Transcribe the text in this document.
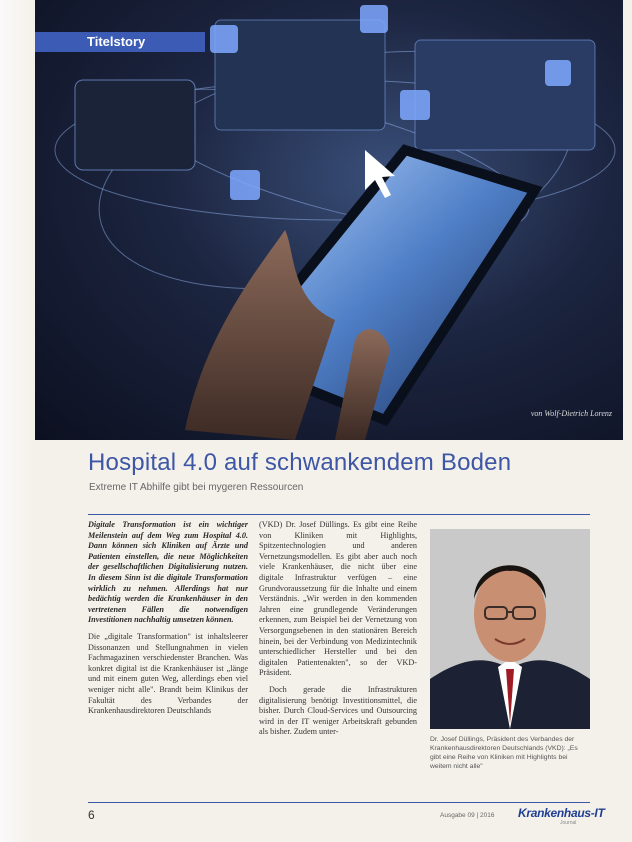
Titelstory
von Wolf-Dietrich Lorenz
Hospital 4.0 auf schwankendem Boden

Extreme IT Abhilfe gibt bei mygeren Ressourcen

Digitale Transformation ist ein wichtiger Meilenstein auf dem Weg zum Hospital 4.0. Dann können sich Kliniken auf Ärzte und Patienten einstellen, die neue Möglichkeiten der gesellschaftlichen Digitalisierung nutzen. In diesem Sinn ist die digitale Transformation wirklich zu nehmen. Allerdings hat nur bedächtig werden die Krankenhäuser in den vertretenen Fällen die notwendigen Investitionen nachhaltig umsetzen können.

Die „digitale Transformation" ist inhaltsleerer Dissonanzen und Stellungnahmen in vielen Fachmagazinen verschiedenster Branchen. Was konkret digital ist die Krankenhäuser ist „länge und mit einem guten Weg, allerdings eben viel weniger nicht alle". Brandt beim Klinikus der Fakultät des Verbandes der Krankenhausdirektoren Deutschlands

(VKD) Dr. Josef Düllings. Es gibt eine Reihe von Kliniken mit Highlights, Spitzentechnologien und anderen Vernetzungsmodellen. Es gibt aber auch noch viele Krankenhäuser, die nicht über eine digitale Infrastruktur verfügen – eine Grundvoraussetzung für die Inhalte und einem Verständnis. „Wir werden in den kommenden Jahren eine grundlegende Veränderungen erkennen, zum Beispiel bei der Vernetzung von Versorgungsebenen in den stationären Bereich hinein, bei der Verbindung von Medizintechnik unterschiedlicher Hersteller und bei den digitalen Patientenakten", so der VKD-Präsident.

Doch gerade die Infrastrukturen digitalisierung benötigt Investitionsmittel, die bisher. Durch Cloud-Services und Outsourcing wird in der IT weniger Arbeitskraft gebunden als bisher. Zudem unter-

Dr. Josef Düllings, Präsident des Verbandes der Krankenhausdirektoren Deutschlands (VKD): „Es gibt eine Reihe von Kliniken mit Highlights bei weitem nicht alle"
6	Ausgabe 09 | 2016 Krankenhaus-IT
Journal
